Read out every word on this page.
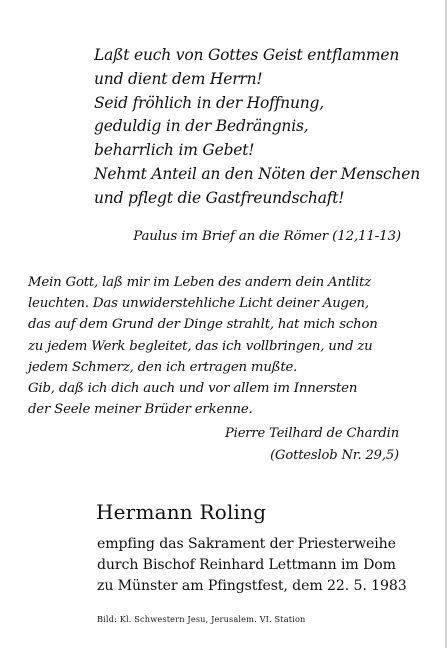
Laßt euch von Gottes Geist entflammen
und dient dem Herrn!
Seid fröhlich in der Hoffnung,
geduldig in der Bedrängnis,
beharrlich im Gebet!
Nehmt Anteil an den Nöten der Menschen
und pflegt die Gastfreundschaft!
Paulus im Brief an die Römer (12,11-13)
Mein Gott, laß mir im Leben des andern dein Antlitz
leuchten. Das unwiderstehliche Licht deiner Augen,
das auf dem Grund der Dinge strahlt, hat mich schon
zu jedem Werk begleitet, das ich vollbringen, und zu
jedem Schmerz, den ich ertragen mußte.
Gib, daß ich dich auch und vor allem im Innersten
der Seele meiner Brüder erkenne.
Pierre Teilhard de Chardin
(Gotteslob Nr. 29,5)
Hermann Roling
empfing das Sakrament der Priesterweihe
durch Bischof Reinhard Lettmann im Dom
zu Münster am Pfingstfest, dem 22. 5. 1983
Bild: Kl. Schwestern Jesu, Jerusalem. VI. Station
